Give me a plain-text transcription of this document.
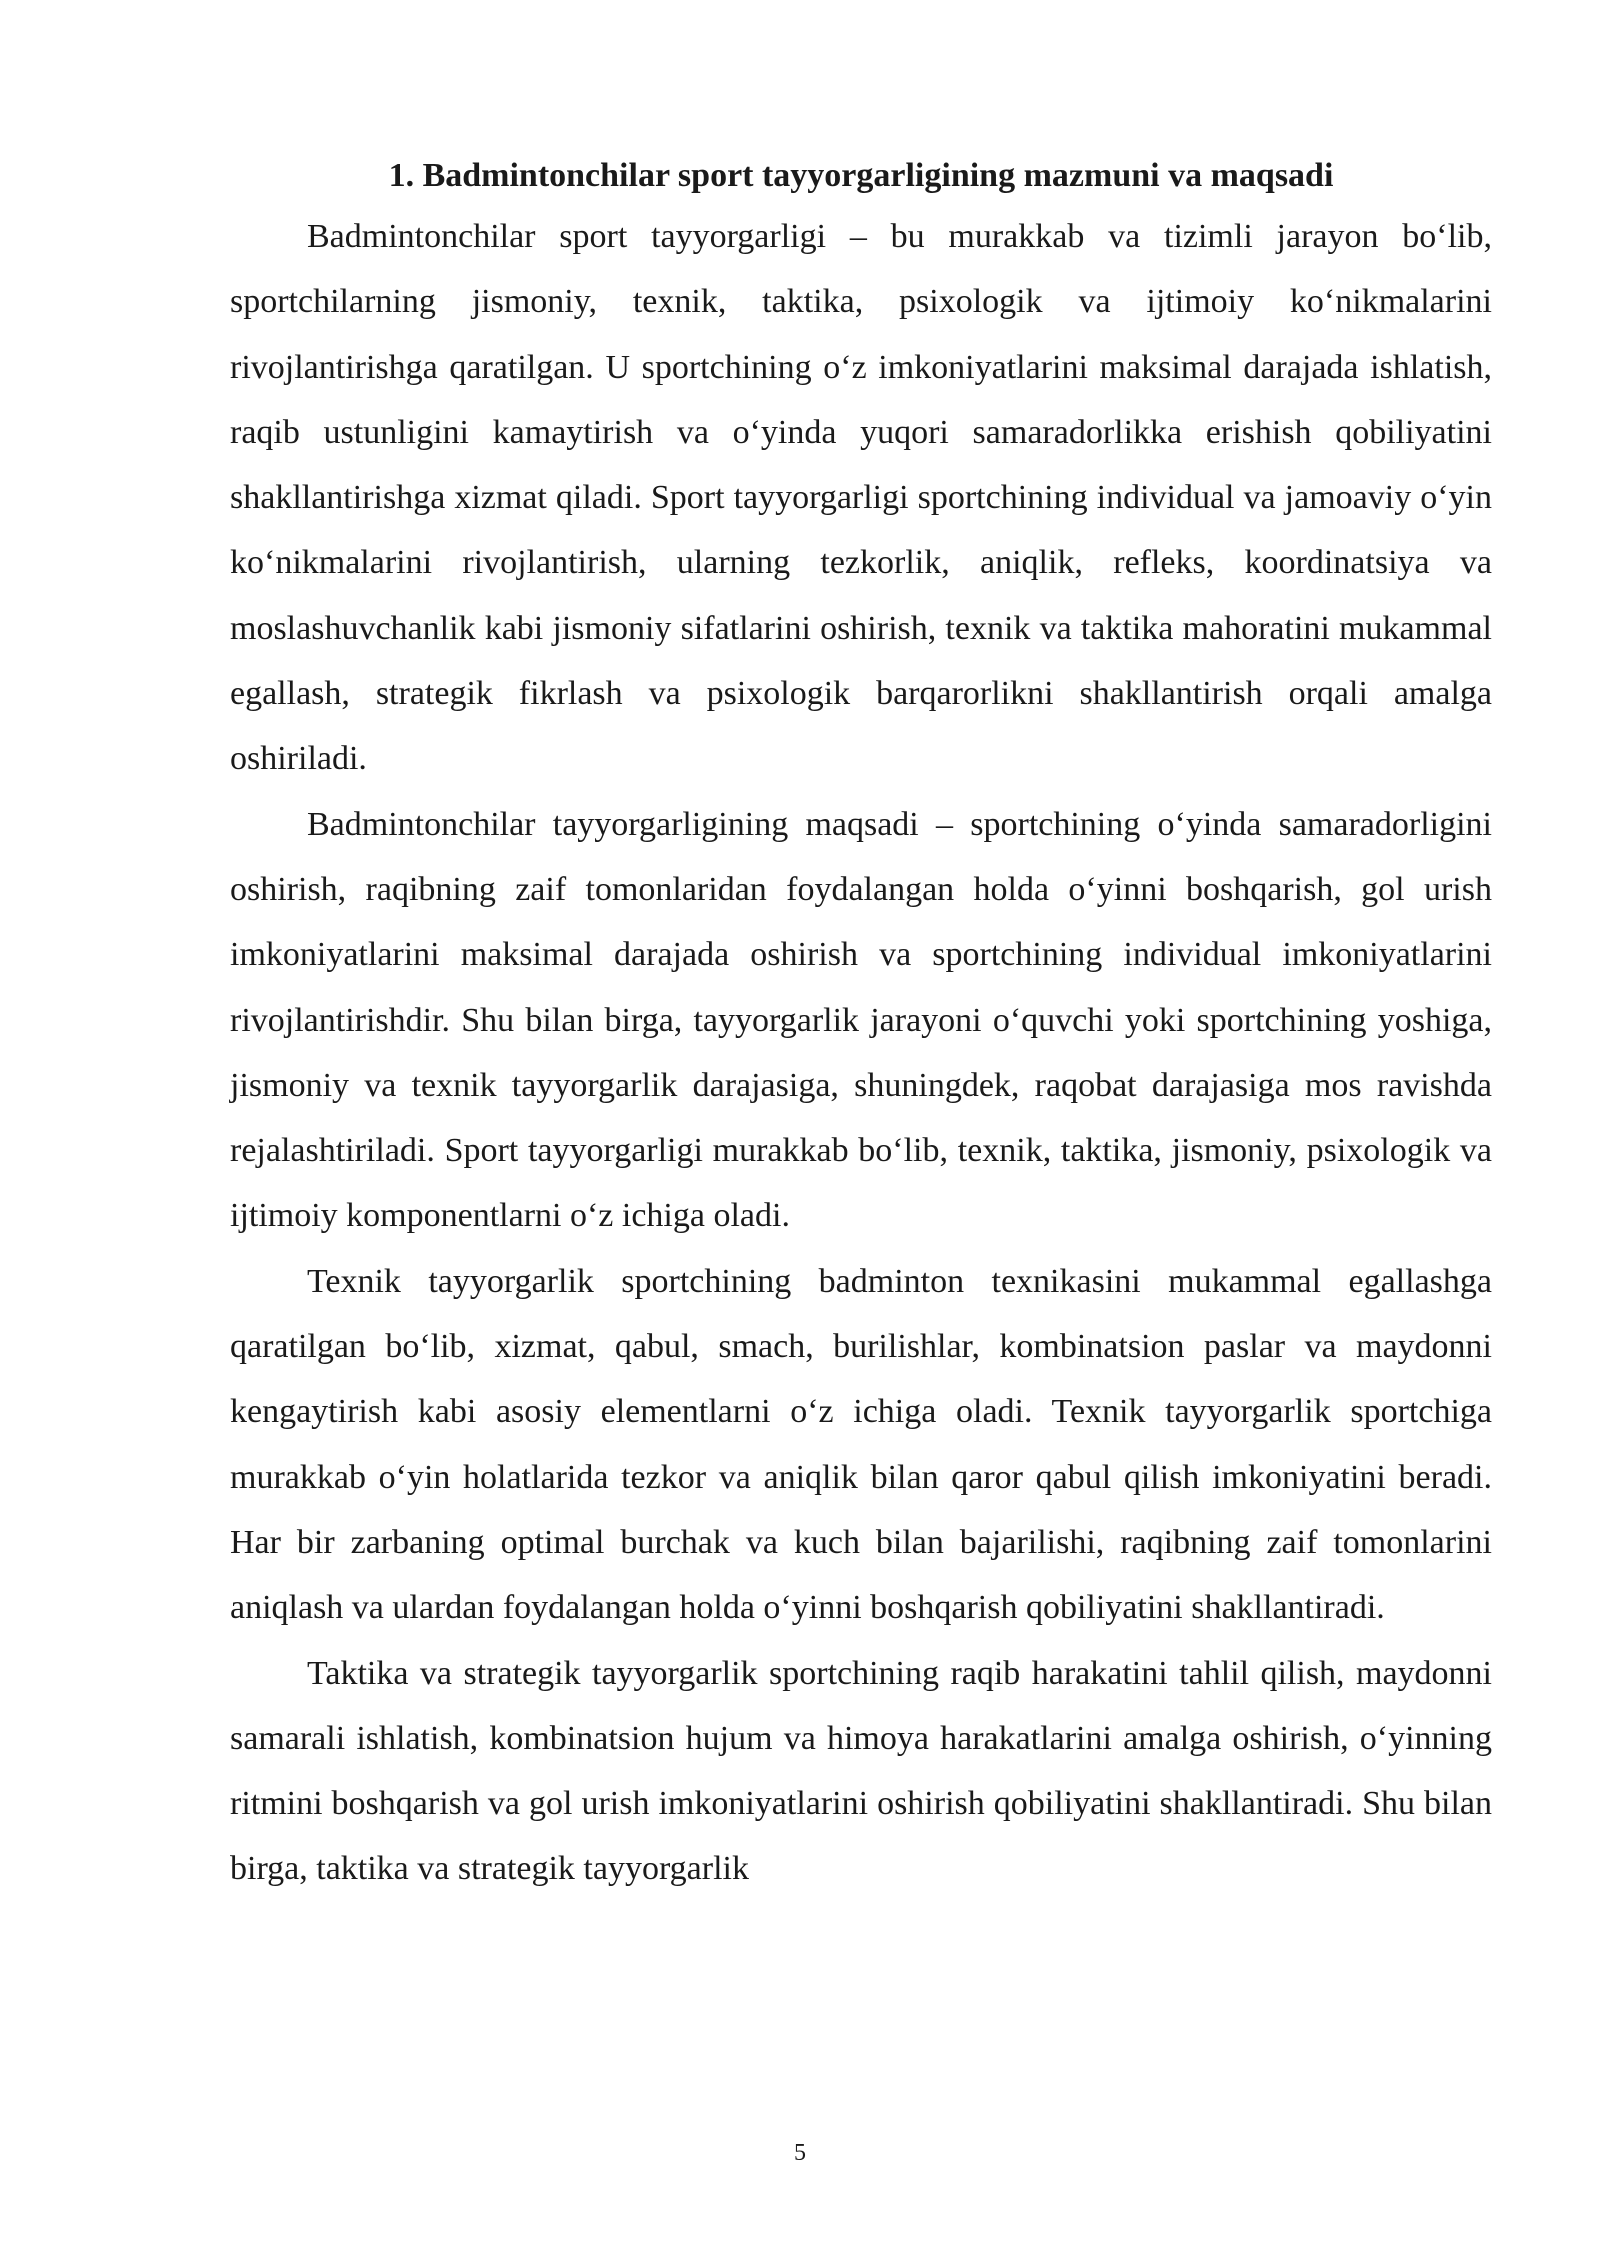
1. Badmintonchilar sport tayyorgarligining mazmuni va maqsadi

Badmintonchilar sport tayyorgarligi – bu murakkab va tizimli jarayon bo‘lib, sportchilarning jismoniy, texnik, taktika, psixologik va ijtimoiy ko‘nikmalarini rivojlantirishga qaratilgan. U sportchining o‘z imkoniyatlarini maksimal darajada ishlatish, raqib ustunligini kamaytirish va o‘yinda yuqori samaradorlikka erishish qobiliyatini shakllantirishga xizmat qiladi. Sport tayyorgarligi sportchining individual va jamoaviy o‘yin ko‘nikmalarini rivojlantirish, ularning tezkorlik, aniqlik, refleks, koordinatsiya va moslashuvchanlik kabi jismoniy sifatlarini oshirish, texnik va taktika mahoratini mukammal egallash, strategik fikrlash va psixologik barqarorlikni shakllantirish orqali amalga oshiriladi.

Badmintonchilar tayyorgarligining maqsadi – sportchining o‘yinda samaradorligini oshirish, raqibning zaif tomonlaridan foydalangan holda o‘yinni boshqarish, gol urish imkoniyatlarini maksimal darajada oshirish va sportchining individual imkoniyatlarini rivojlantirishdir. Shu bilan birga, tayyorgarlik jarayoni o‘quvchi yoki sportchining yoshiga, jismoniy va texnik tayyorgarlik darajasiga, shuningdek, raqobat darajasiga mos ravishda rejalashtiriladi. Sport tayyorgarligi murakkab bo‘lib, texnik, taktika, jismoniy, psixologik va ijtimoiy komponentlarni o‘z ichiga oladi.

Texnik tayyorgarlik sportchining badminton texnikasini mukammal egallashga qaratilgan bo‘lib, xizmat, qabul, smach, burilishlar, kombinatsion paslar va maydonni kengaytirish kabi asosiy elementlarni o‘z ichiga oladi. Texnik tayyorgarlik sportchiga murakkab o‘yin holatlarida tezkor va aniqlik bilan qaror qabul qilish imkoniyatini beradi. Har bir zarbaning optimal burchak va kuch bilan bajarilishi, raqibning zaif tomonlarini aniqlash va ulardan foydalangan holda o‘yinni boshqarish qobiliyatini shakllantiradi.

Taktika va strategik tayyorgarlik sportchining raqib harakatini tahlil qilish, maydonni samarali ishlatish, kombinatsion hujum va himoya harakatlarini amalga oshirish, o‘yinning ritmini boshqarish va gol urish imkoniyatlarini oshirish qobiliyatini shakllantiradi. Shu bilan birga, taktika va strategik tayyorgarlik

5
